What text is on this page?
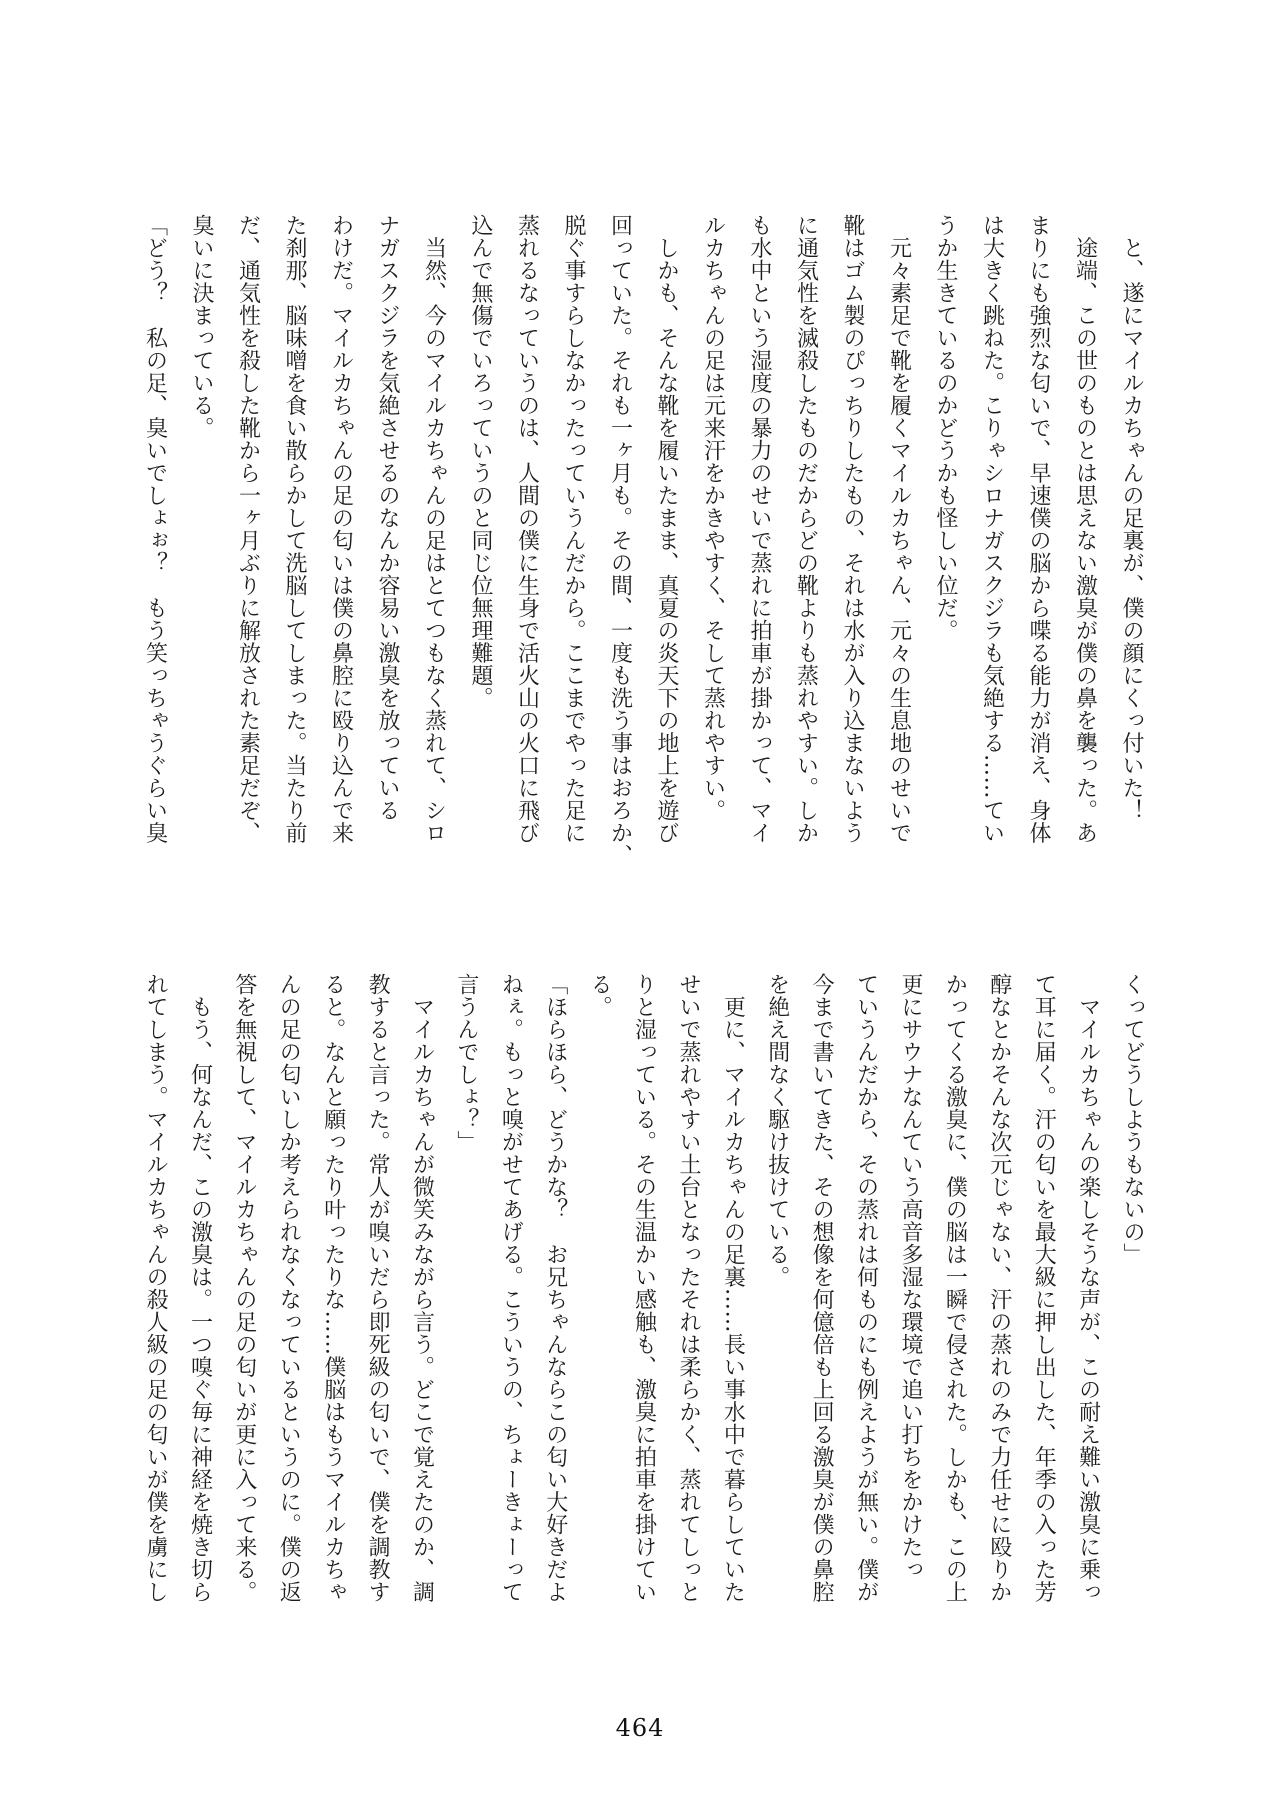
　と、遂にマイルカちゃんの足裏が、僕の顔にくっ付いた！

　途端、この世のものとは思えない激臭が僕の鼻を襲った。あ

まりにも強烈な匂いで、早速僕の脳から喋る能力が消え、身体

は大きく跳ねた。こりゃシロナガスクジラも気絶する……てい

うか生きているのかどうかも怪しい位だ。

　元々素足で靴を履くマイルカちゃん、元々の生息地のせいで

靴はゴム製のぴっちりしたもの、それは水が入り込まないよう

に通気性を滅殺したものだからどの靴よりも蒸れやすい。しか

も水中という湿度の暴力のせいで蒸れに拍車が掛かって、マイ

ルカちゃんの足は元来汗をかきやすく、そして蒸れやすい。

　しかも、そんな靴を履いたまま、真夏の炎天下の地上を遊び

回っていた。それも一ヶ月も。その間、一度も洗う事はおろか、

脱ぐ事すらしなかったっていうんだから。ここまでやった足に

蒸れるなっていうのは、人間の僕に生身で活火山の火口に飛び

込んで無傷でいろっていうのと同じ位無理難題。

　当然、今のマイルカちゃんの足はとてつもなく蒸れて、シロ

ナガスクジラを気絶させるのなんか容易い激臭を放っている

わけだ。マイルカちゃんの足の匂いは僕の鼻腔に殴り込んで来

た刹那、脳味噌を食い散らかして洗脳してしまった。当たり前

だ、通気性を殺した靴から一ヶ月ぶりに解放された素足だぞ、

臭いに決まっている。

「どう？　私の足、臭いでしょぉ？　もう笑っちゃうぐらい臭

くってどうしようもないの」

　マイルカちゃんの楽しそうな声が、この耐え難い激臭に乗っ

て耳に届く。汗の匂いを最大級に押し出した、年季の入った芳

醇なとかそんな次元じゃない、汗の蒸れのみで力任せに殴りか

かってくる激臭に、僕の脳は一瞬で侵された。しかも、この上

更にサウナなんていう高音多湿な環境で追い打ちをかけたっ

ていうんだから、その蒸れは何ものにも例えようが無い。僕が

今まで書いてきた、その想像を何億倍も上回る激臭が僕の鼻腔

を絶え間なく駆け抜けている。

　更に、マイルカちゃんの足裏……長い事水中で暮らしていた

せいで蒸れやすい土台となったそれは柔らかく、蒸れてしっと

りと湿っている。その生温かい感触も、激臭に拍車を掛けてい

る。

「ほらほら、どうかな？　お兄ちゃんならこの匂い大好きだよ

ねぇ。もっと嗅がせてあげる。こういうの、ちょーきょーって

言うんでしょ？」

　マイルカちゃんが微笑みながら言う。どこで覚えたのか、調

教すると言った。常人が嗅いだら即死級の匂いで、僕を調教す

ると。なんと願ったり叶ったりな……僕脳はもうマイルカちゃ

んの足の匂いしか考えられなくなっているというのに。僕の返

答を無視して、マイルカちゃんの足の匂いが更に入って来る。

　もう、何なんだ、この激臭は。一つ嗅ぐ毎に神経を焼き切ら

れてしまう。マイルカちゃんの殺人級の足の匂いが僕を虜にし

464
